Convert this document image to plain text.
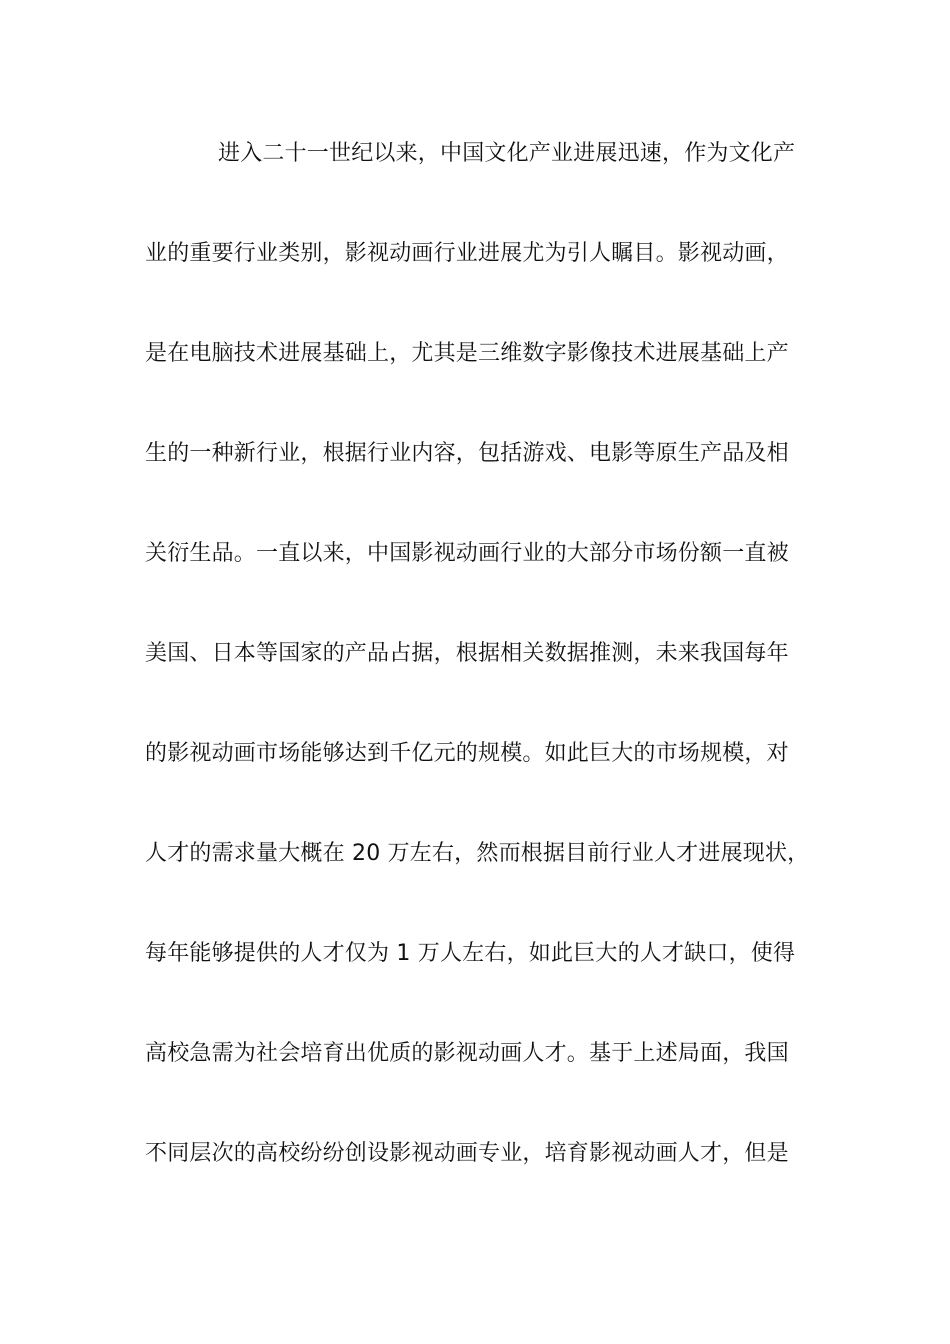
进入二十一世纪以来，中国文化产业进展迅速，作为文化产
业的重要行业类别，影视动画行业进展尤为引人瞩目。影视动画，
是在电脑技术进展基础上，尤其是三维数字影像技术进展基础上产
生的一种新行业，根据行业内容，包括游戏、电影等原生产品及相
关衍生品。一直以来，中国影视动画行业的大部分市场份额一直被
美国、日本等国家的产品占据，根据相关数据推测，未来我国每年
的影视动画市场能够达到千亿元的规模。如此巨大的市场规模，对
人才的需求量大概在 20 万左右，然而根据目前行业人才进展现状，
每年能够提供的人才仅为 1 万人左右，如此巨大的人才缺口，使得
高校急需为社会培育出优质的影视动画人才。基于上述局面，我国
不同层次的高校纷纷创设影视动画专业，培育影视动画人才，但是
